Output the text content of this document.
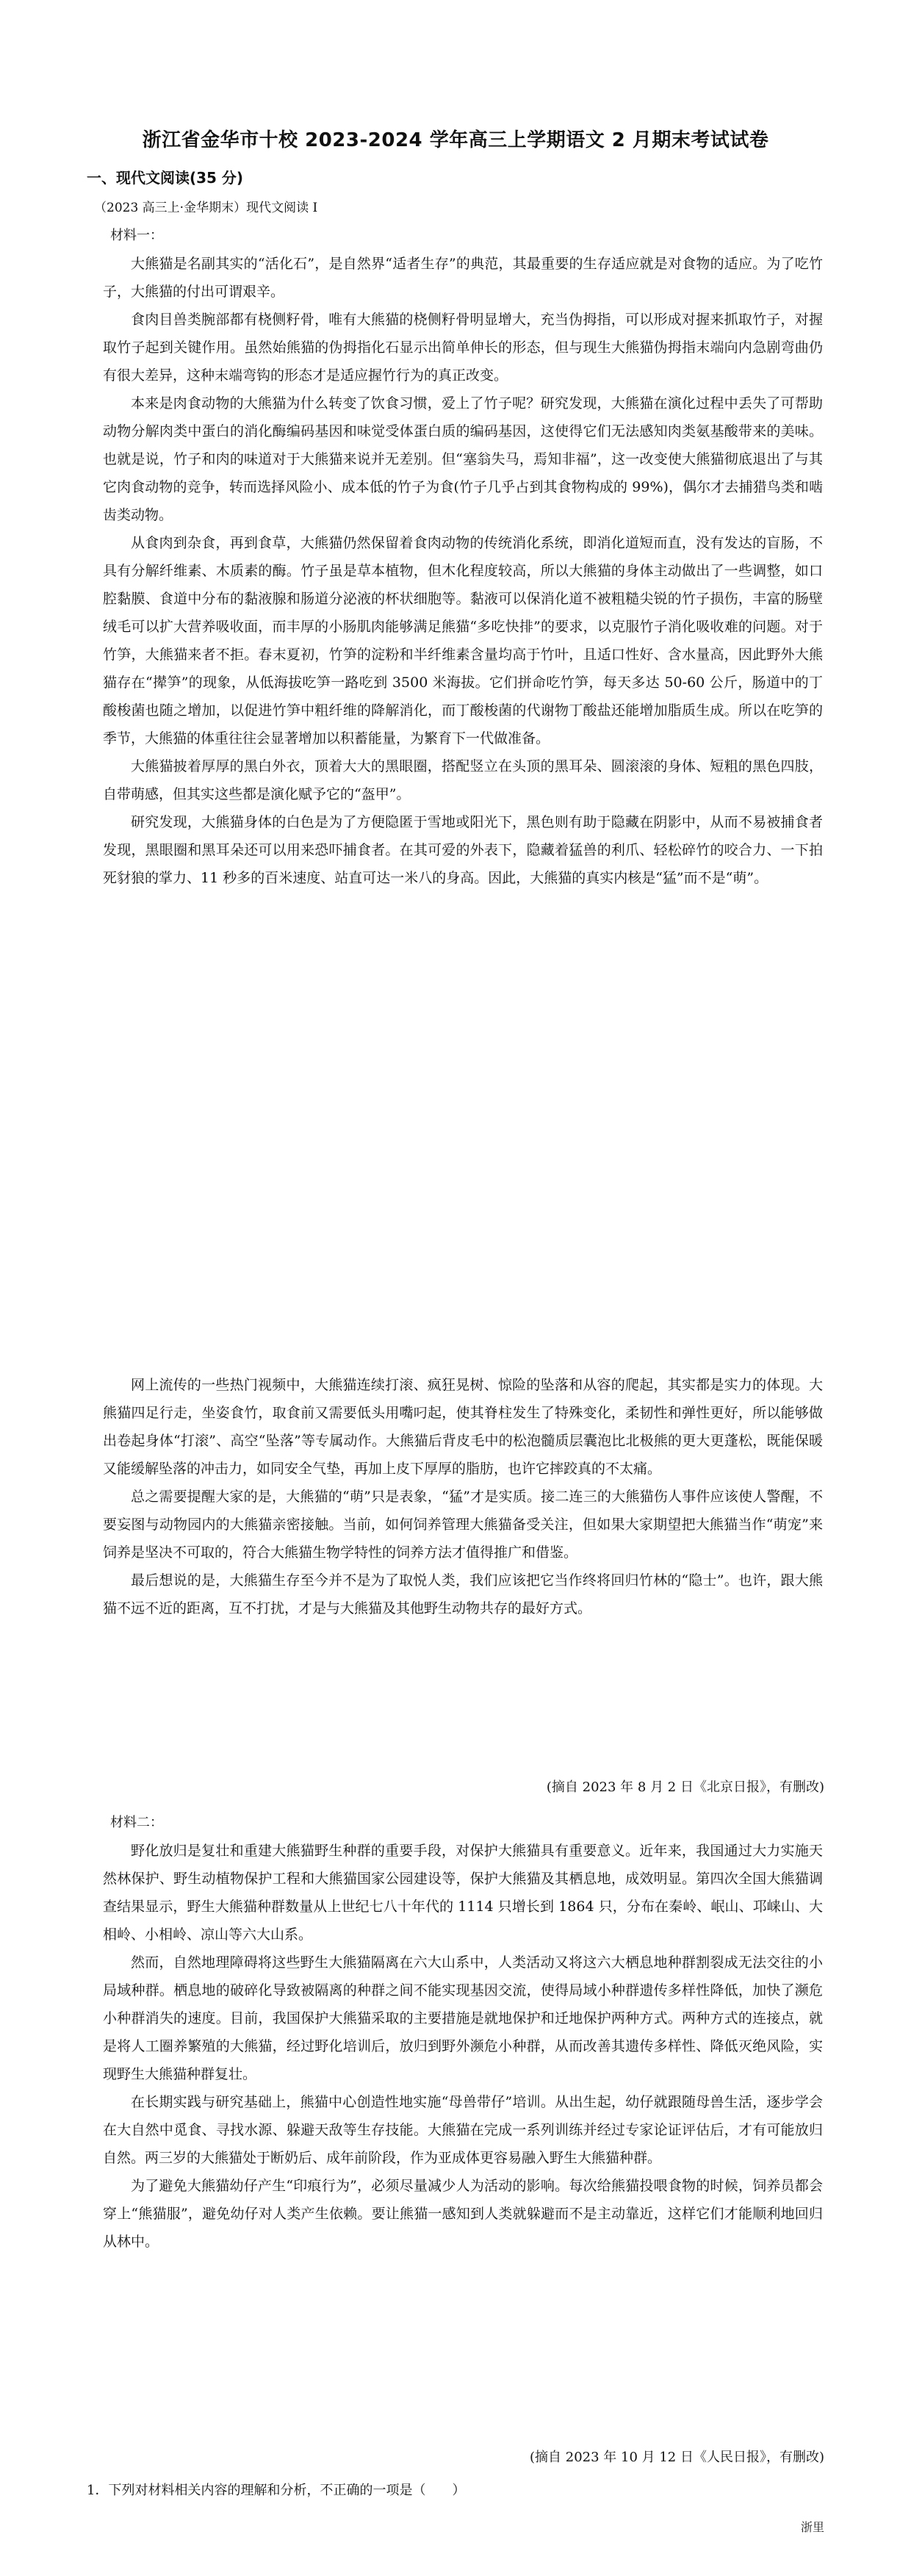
浙江省金华市十校 2023-2024 学年高三上学期语文 2 月期末考试试卷
一、现代文阅读(35 分)
（2023 高三上·金华期末）现代文阅读 I
材料一：

大熊猫是名副其实的“活化石”，是自然界“适者生存”的典范，其最重要的生存适应就是对食物的适应。为了吃竹子，大熊猫的付出可谓艰辛。

食肉目兽类腕部都有桡侧籽骨，唯有大熊猫的桡侧籽骨明显增大，充当伪拇指，可以形成对握来抓取竹子，对握取竹子起到关键作用。虽然始熊猫的伪拇指化石显示出简单伸长的形态，但与现生大熊猫伪拇指末端向内急剧弯曲仍有很大差异，这种末端弯钩的形态才是适应握竹行为的真正改变。

本来是肉食动物的大熊猫为什么转变了饮食习惯，爱上了竹子呢？研究发现，大熊猫在演化过程中丢失了可帮助动物分解肉类中蛋白的消化酶编码基因和味觉受体蛋白质的编码基因，这使得它们无法感知肉类氨基酸带来的美味。也就是说，竹子和肉的味道对于大熊猫来说并无差别。但“塞翁失马，焉知非福”，这一改变使大熊猫彻底退出了与其它肉食动物的竞争，转而选择风险小、成本低的竹子为食(竹子几乎占到其食物构成的 99%)，偶尔才去捕猎鸟类和啮齿类动物。

从食肉到杂食，再到食草，大熊猫仍然保留着食肉动物的传统消化系统，即消化道短而直，没有发达的盲肠，不具有分解纤维素、木质素的酶。竹子虽是草本植物，但木化程度较高，所以大熊猫的身体主动做出了一些调整，如口腔黏膜、食道中分布的黏液腺和肠道分泌液的杯状细胞等。黏液可以保消化道不被粗糙尖锐的竹子损伤，丰富的肠壁绒毛可以扩大营养吸收面，而丰厚的小肠肌肉能够满足熊猫“多吃快排”的要求，以克服竹子消化吸收难的问题。对于竹笋，大熊猫来者不拒。春末夏初，竹笋的淀粉和半纤维素含量均高于竹叶，且适口性好、含水量高，因此野外大熊猫存在“撵笋”的现象，从低海拔吃笋一路吃到 3500 米海拔。它们拼命吃竹笋，每天多达 50-60 公斤，肠道中的丁酸梭菌也随之增加，以促进竹笋中粗纤维的降解消化，而丁酸梭菌的代谢物丁酸盐还能增加脂质生成。所以在吃笋的季节，大熊猫的体重往往会显著增加以积蓄能量，为繁育下一代做准备。

大熊猫披着厚厚的黑白外衣，顶着大大的黑眼圈，搭配竖立在头顶的黑耳朵、圆滚滚的身体、短粗的黑色四肢，自带萌感，但其实这些都是演化赋予它的“盔甲”。

研究发现，大熊猫身体的白色是为了方便隐匿于雪地或阳光下，黑色则有助于隐藏在阴影中，从而不易被捕食者发现，黑眼圈和黑耳朵还可以用来恐吓捕食者。在其可爱的外表下，隐藏着猛兽的利爪、轻松碎竹的咬合力、一下拍死豺狼的掌力、11 秒多的百米速度、站直可达一米八的身高。因此，大熊猫的真实内核是“猛”而不是“萌”。

网上流传的一些热门视频中，大熊猫连续打滚、疯狂晃树、惊险的坠落和从容的爬起，其实都是实力的体现。大熊猫四足行走，坐姿食竹，取食前又需要低头用嘴叼起，使其脊柱发生了特殊变化，柔韧性和弹性更好，所以能够做出卷起身体“打滚”、高空“坠落”等专属动作。大熊猫后背皮毛中的松泡髓质层囊泡比北极熊的更大更蓬松，既能保暖又能缓解坠落的冲击力，如同安全气垫，再加上皮下厚厚的脂肪，也许它摔跤真的不太痛。

总之需要提醒大家的是，大熊猫的“萌”只是表象，“猛”才是实质。接二连三的大熊猫伤人事件应该使人警醒，不要妄图与动物园内的大熊猫亲密接触。当前，如何饲养管理大熊猫备受关注，但如果大家期望把大熊猫当作“萌宠”来饲养是坚决不可取的，符合大熊猫生物学特性的饲养方法才值得推广和借鉴。

最后想说的是，大熊猫生存至今并不是为了取悦人类，我们应该把它当作终将回归竹林的“隐士”。也许，跟大熊猫不远不近的距离，互不打扰，才是与大熊猫及其他野生动物共存的最好方式。

(摘自 2023 年 8 月 2 日《北京日报》，有删改)
材料二：

野化放归是复壮和重建大熊猫野生种群的重要手段，对保护大熊猫具有重要意义。近年来，我国通过大力实施天然林保护、野生动植物保护工程和大熊猫国家公园建设等，保护大熊猫及其栖息地，成效明显。第四次全国大熊猫调查结果显示，野生大熊猫种群数量从上世纪七八十年代的 1114 只增长到 1864 只，分布在秦岭、岷山、邛崃山、大相岭、小相岭、凉山等六大山系。

然而，自然地理障碍将这些野生大熊猫隔离在六大山系中，人类活动又将这六大栖息地种群割裂成无法交往的小局域种群。栖息地的破碎化导致被隔离的种群之间不能实现基因交流，使得局域小种群遗传多样性降低，加快了濒危小种群消失的速度。目前，我国保护大熊猫采取的主要措施是就地保护和迁地保护两种方式。两种方式的连接点，就是将人工圈养繁殖的大熊猫，经过野化培训后，放归到野外濒危小种群，从而改善其遗传多样性、降低灭绝风险，实现野生大熊猫种群复壮。

在长期实践与研究基础上，熊猫中心创造性地实施“母兽带仔”培训。从出生起，幼仔就跟随母兽生活，逐步学会在大自然中觅食、寻找水源、躲避天敌等生存技能。大熊猫在完成一系列训练并经过专家论证评估后，才有可能放归自然。两三岁的大熊猫处于断奶后、成年前阶段，作为亚成体更容易融入野生大熊猫种群。

为了避免大熊猫幼仔产生“印痕行为”，必须尽量减少人为活动的影响。每次给熊猫投喂食物的时候，饲养员都会穿上“熊猫服”，避免幼仔对人类产生依赖。要让熊猫一感知到人类就躲避而不是主动靠近，这样它们才能顺利地回归从林中。

(摘自 2023 年 10 月 12 日《人民日报》，有删改)
1．下列对材料相关内容的理解和分析，不正确的一项是（　　）
浙里
